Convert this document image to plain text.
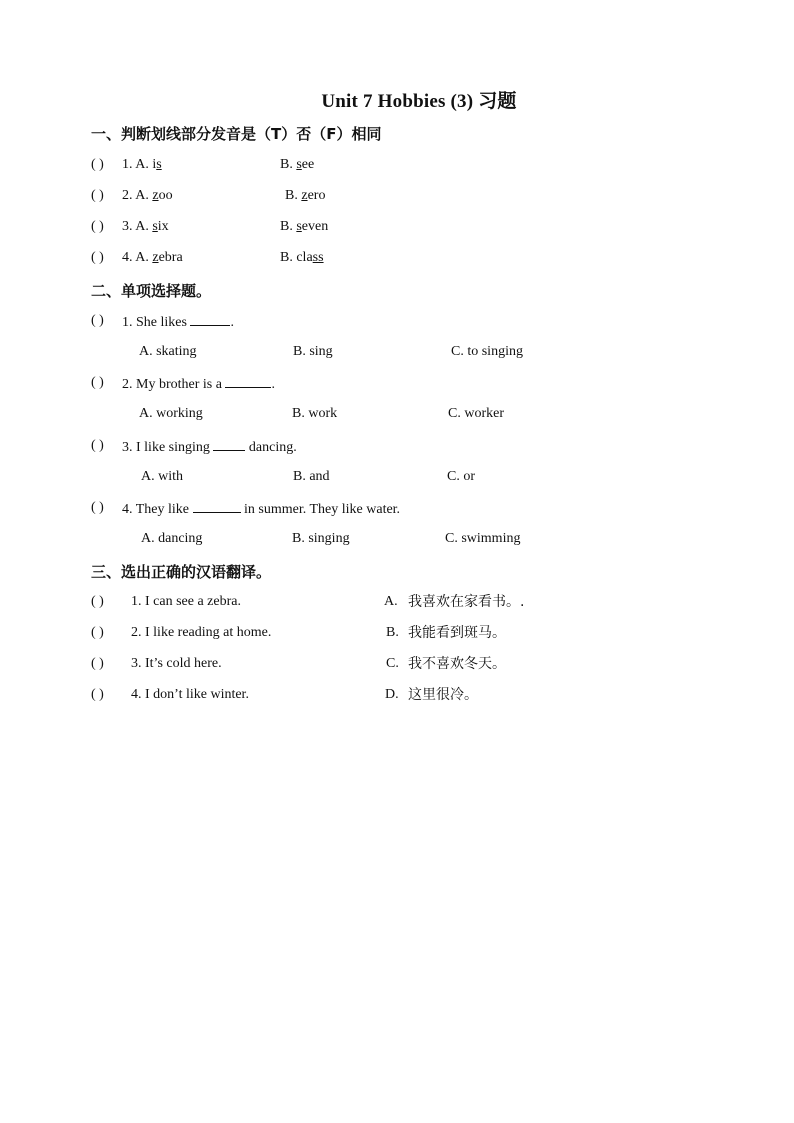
Unit 7 Hobbies (3) 习题
一、判断划线部分发音是（T）否（F）相同
( ) 1. A. is	B. see
( ) 2. A. zoo	B. zero
( ) 3. A. six	B. seven
( ) 4. A. zebra	B. class
二、单项选择题。
( ) 1. She likes	.
A. skating	B. sing	C. to singing
( ) 2. My brother is a	.
A. working	B. work	C. worker
( ) 3. I like singing  dancing.
A. with	B. and	C. or
( ) 4. They like	in summer. They like water.
A. dancing	B. singing	C. swimming
三、选出正确的汉语翻译。
( ) 1. I can see a zebra.	A. 我喜欢在家看书。.
( ) 2. I like reading at home.	B. 我能看到斑马。
( ) 3. It’s cold here.	C. 我不喜欢冬天。
( ) 4. I don’t like winter.	D. 这里很冷。
